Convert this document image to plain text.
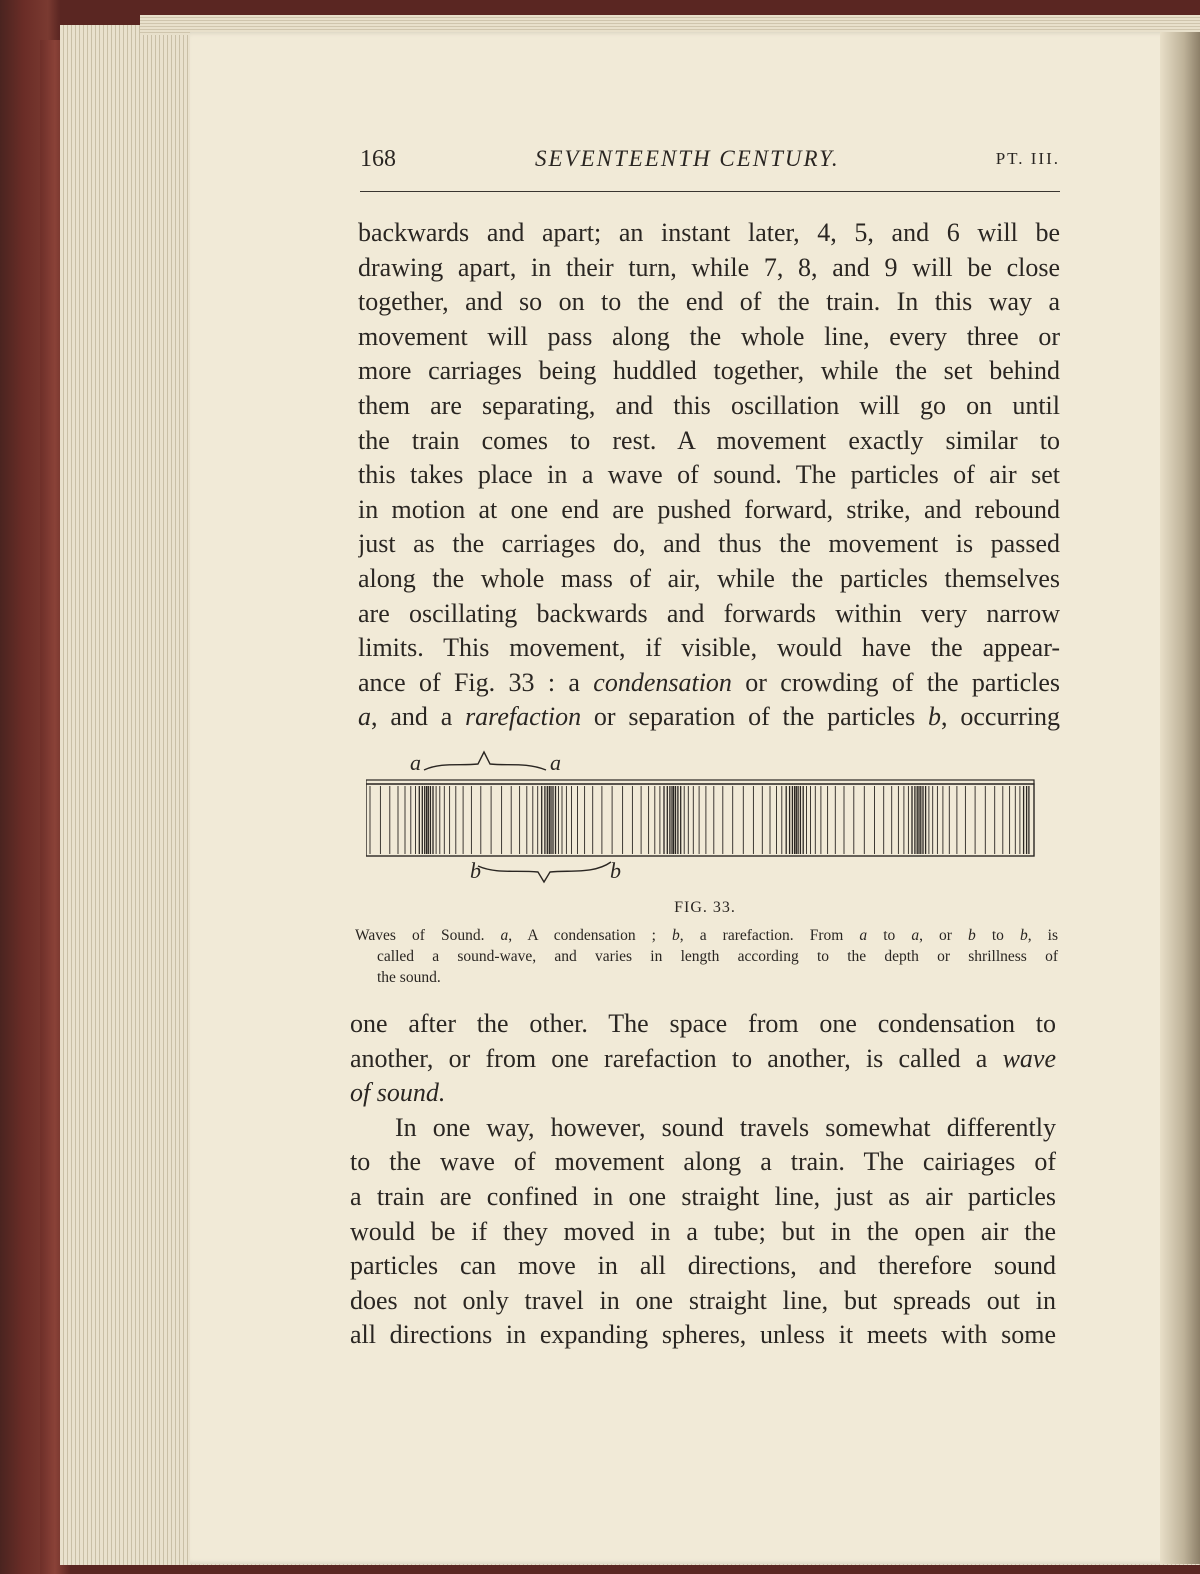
168	SEVENTEENTH CENTURY.	PT. III.
backwards and apart; an instant later, 4, 5, and 6 will be
drawing apart, in their turn, while 7, 8, and 9 will be close
together, and so on to the end of the train. In this way a
movement will pass along the whole line, every three or
more carriages being huddled together, while the set behind
them are separating, and this oscillation will go on until
the train comes to rest. A movement exactly similar to
this takes place in a wave of sound. The particles of air set
in motion at one end are pushed forward, strike, and rebound
just as the carriages do, and thus the movement is passed
along the whole mass of air, while the particles themselves
are oscillating backwards and forwards within very narrow
limits. This movement, if visible, would have the appear-
ance of Fig. 33 : a condensation or crowding of the particles
a, and a rarefaction or separation of the particles b, occurring
a	a
b	b
FIG. 33.
Waves of Sound. a, A condensation ; b, a rarefaction. From a to a, or b to b, is
called a sound-wave, and varies in length according to the depth or shrillness of
the sound.
one after the other. The space from one condensation to
another, or from one rarefaction to another, is called a wave
of sound.
In one way, however, sound travels somewhat differently
to the wave of movement along a train. The cairiages of
a train are confined in one straight line, just as air particles
would be if they moved in a tube; but in the open air the
particles can move in all directions, and therefore sound
does not only travel in one straight line, but spreads out in
all directions in expanding spheres, unless it meets with some
